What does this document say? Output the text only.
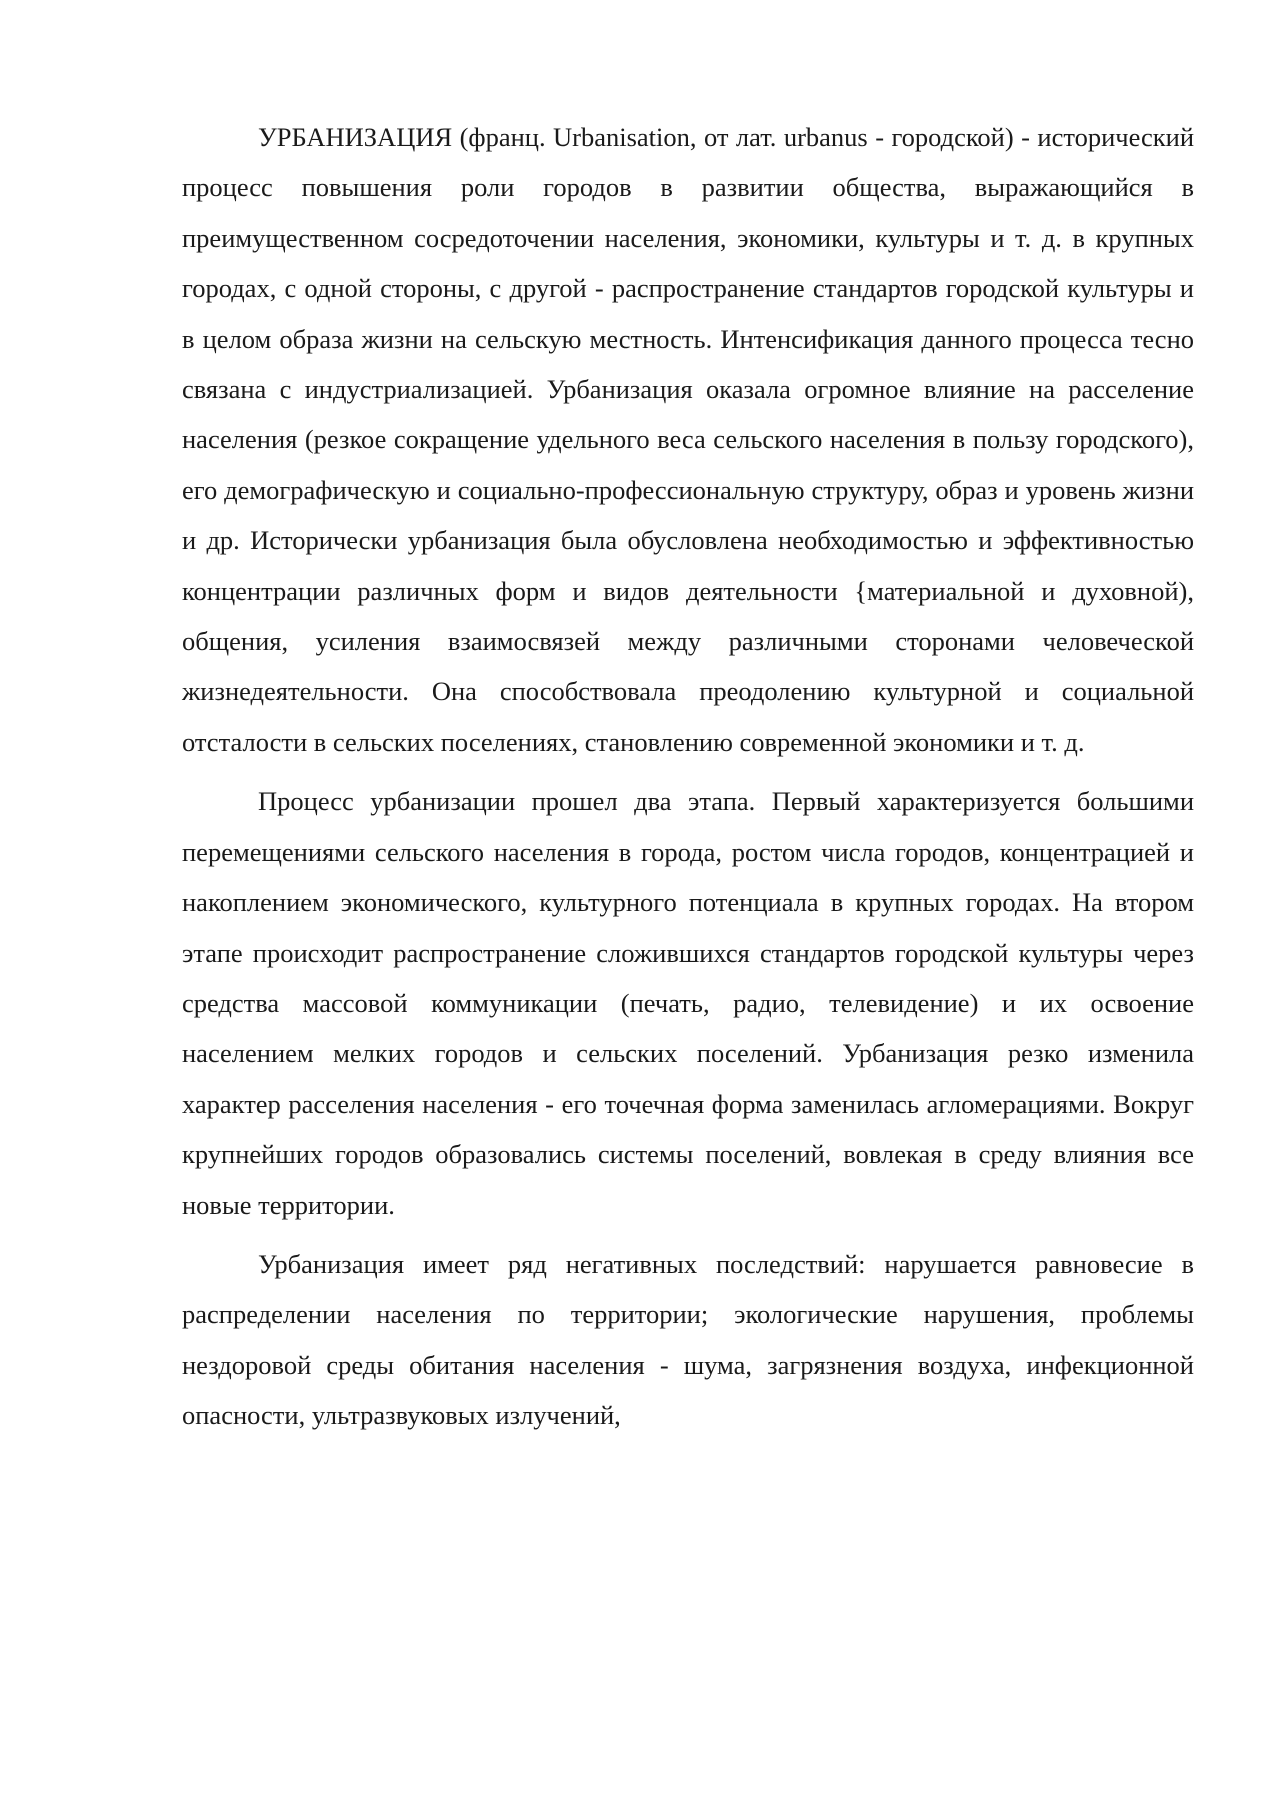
УРБАНИЗАЦИЯ (франц. Urbanisation, от лат. urbanus - городской) - исторический процесс повышения роли городов в развитии общества, выражающийся в преимущественном сосредоточении населения, экономики, культуры и т. д. в крупных городах, с одной стороны, с другой - распространение стандартов городской культуры и в целом образа жизни на сельскую местность. Интенсификация данного процесса тесно связана с индустриализацией. Урбанизация оказала огромное влияние на расселение населения (резкое сокращение удельного веса сельского населения в пользу городского), его демографическую и социально-профессиональную структуру, образ и уровень жизни и др. Исторически урбанизация была обусловлена необходимостью и эффективностью концентрации различных форм и видов деятельности {материальной и духовной), общения, усиления взаимосвязей между различными сторонами человеческой жизнедеятельности. Она способствовала преодолению культурной и социальной отсталости в сельских поселениях, становлению современной экономики и т. д.

Процесс урбанизации прошел два этапа. Первый характеризуется большими перемещениями сельского населения в города, ростом числа городов, концентрацией и накоплением экономического, культурного потенциала в крупных городах. На втором этапе происходит распространение сложившихся стандартов городской культуры через средства массовой коммуникации (печать, радио, телевидение) и их освоение населением мелких городов и сельских поселений. Урбанизация резко изменила характер расселения населения - его точечная форма заменилась агломерациями. Вокруг крупнейших городов образовались системы поселений, вовлекая в среду влияния все новые территории.

Урбанизация имеет ряд негативных последствий: нарушается равновесие в распределении населения по территории; экологические нарушения, проблемы нездоровой среды обитания населения - шума, загрязнения воздуха, инфекционной опасности, ультразвуковых излучений,
